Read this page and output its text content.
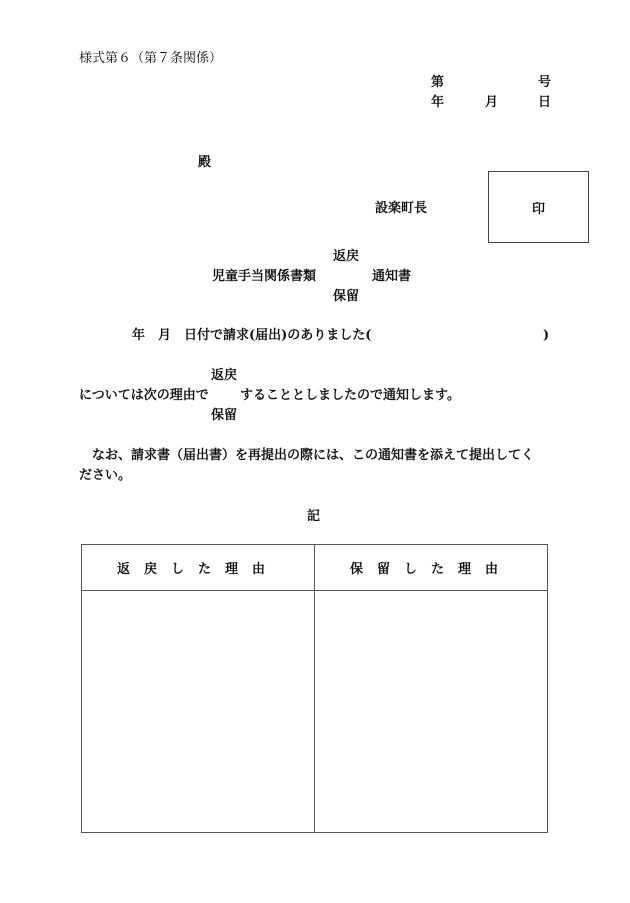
様式第６（第７条関係）
第	号
年	月	日
殿
設楽町長	印
返戻
児童手当関係書類	通知書
保留
年 月 日付で請求(届出)のありました(	)
返戻
については次の理由で することとしましたので通知します。
保留
なお、請求書（届出書）を再提出の際には、この通知書を添えて提出してく
ださい。
記
返戻した理由	保留した理由
